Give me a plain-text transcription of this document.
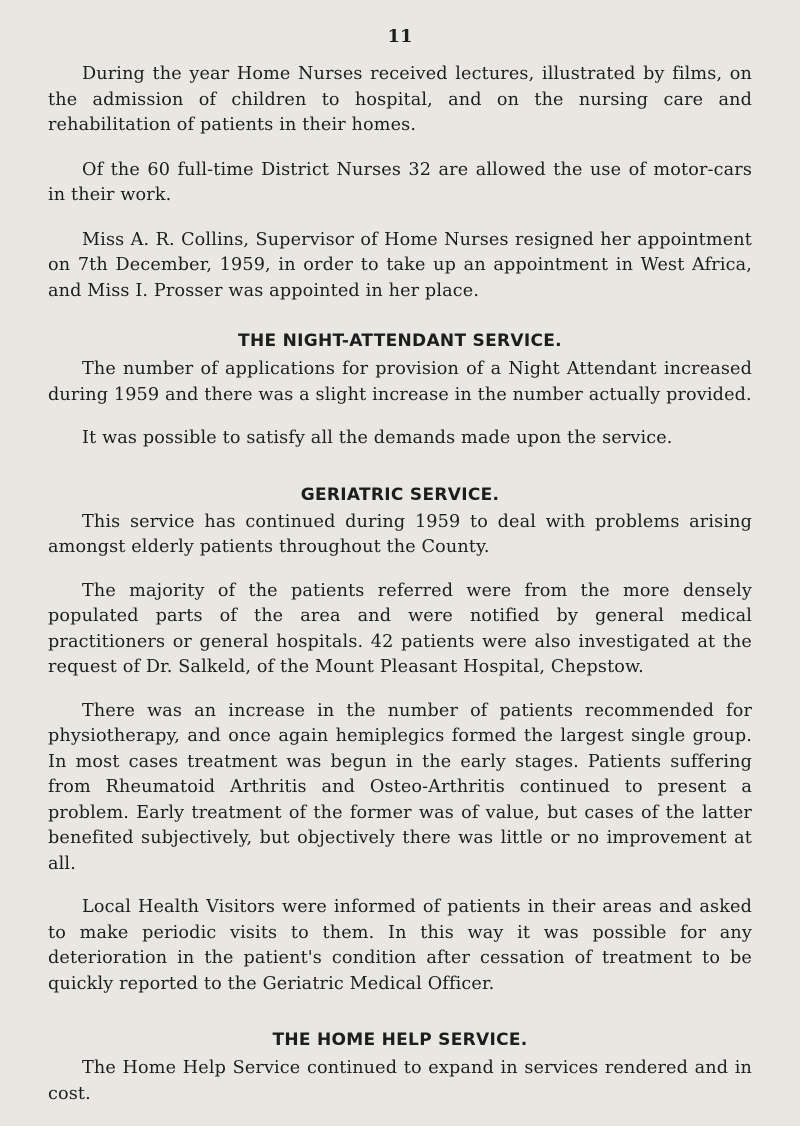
11

During the year Home Nurses received lectures, illustrated by films, on the admission of children to hospital, and on the nursing care and rehabilitation of patients in their homes.

Of the 60 full-time District Nurses 32 are allowed the use of motor-cars in their work.

Miss A. R. Collins, Supervisor of Home Nurses resigned her appointment on 7th December, 1959, in order to take up an appointment in West Africa, and Miss I. Prosser was appointed in her place.

THE NIGHT-ATTENDANT SERVICE.

The number of applications for provision of a Night Attendant increased during 1959 and there was a slight increase in the number actually provided.

It was possible to satisfy all the demands made upon the service.

GERIATRIC SERVICE.

This service has continued during 1959 to deal with problems arising amongst elderly patients throughout the County.

The majority of the patients referred were from the more densely populated parts of the area and were notified by general medical practitioners or general hospitals. 42 patients were also investigated at the request of Dr. Salkeld, of the Mount Pleasant Hospital, Chepstow.

There was an increase in the number of patients recommended for physiotherapy, and once again hemiplegics formed the largest single group. In most cases treatment was begun in the early stages. Patients suffering from Rheumatoid Arthritis and Osteo-Arthritis continued to present a problem. Early treatment of the former was of value, but cases of the latter benefited subjectively, but objectively there was little or no improvement at all.

Local Health Visitors were informed of patients in their areas and asked to make periodic visits to them. In this way it was possible for any deterioration in the patient's condition after cessation of treatment to be quickly reported to the Geriatric Medical Officer.

THE HOME HELP SERVICE.

The Home Help Service continued to expand in services rendered and in cost.
